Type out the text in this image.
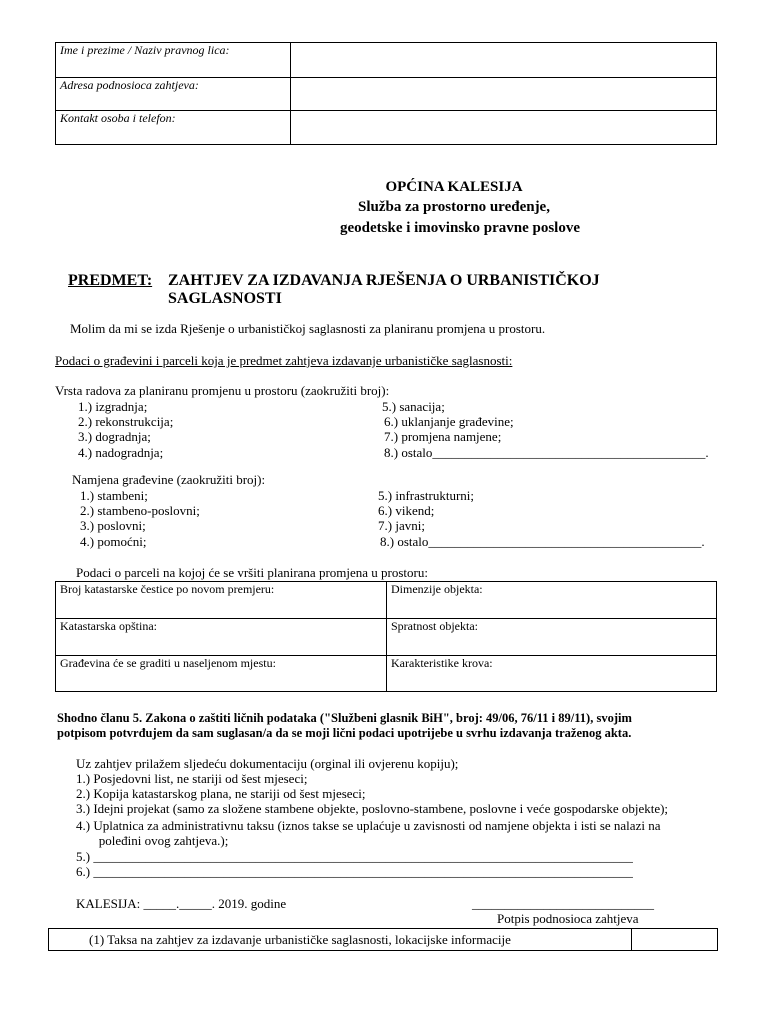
Ime i prezime / Naziv pravnog lica:	
Adresa podnosioca zahtjeva:	
Kontakt osoba i telefon:	
OPĆINA KALESIJA
Služba za prostorno uređenje,
geodetske i imovinsko pravne poslove
PREDMET: ZAHTJEV ZA IZDAVANJA RJEŠENJA O URBANISTIČKOJ
SAGLASNOSTI
Molim da mi se izda Rješenje o urbanističkoj saglasnosti za planiranu promjena u prostoru.
Podaci o građevini i parceli koja je predmet zahtjeva izdavanje urbanističke saglasnosti:
Vrsta radova za planiranu promjenu u prostoru (zaokružiti broj):
1.) izgradnja;
2.) rekonstrukcija;
3.) dogradnja;
4.) nadogradnja;
5.) sanacija;
6.) uklanjanje građevine;
7.) promjena namjene;
8.) ostalo__________________________________________.
Namjena građevine (zaokružiti broj):
1.) stambeni;
2.) stambeno-poslovni;
3.) poslovni;
4.) pomoćni;
5.) infrastrukturni;
6.) vikend;
7.) javni;
8.) ostalo__________________________________________.
Podaci o parceli na kojoj će se vršiti planirana promjena u prostoru:
Broj katastarske čestice po novom premjeru:	Dimenzije objekta:
Katastarska opština:	Spratnost objekta:
Građevina će se graditi u naseljenom mjestu:	Karakteristike krova:
Shodno članu 5. Zakona o zaštiti ličnih podataka ("Službeni glasnik BiH", broj: 49/06, 76/11 i 89/11), svojim
potpisom potvrđujem da sam suglasan/a da se moji lični podaci upotrijebe u svrhu izdavanja traženog akta.
Uz zahtjev prilažem sljedeću dokumentaciju (orginal ili ovjerenu kopiju);
1.) Posjedovni list, ne stariji od šest mjeseci;
2.) Kopija katastarskog plana, ne stariji od šest mjeseci;
3.) Idejni projekat (samo za složene stambene objekte, poslovno-stambene, poslovne i veće gospodarske objekte);
4.) Uplatnica za administrativnu taksu (iznos takse se uplaćuje u zavisnosti od namjene objekta i isti se nalazi na
poleđini ovog zahtjeva.);
5.) ___________________________________________________________________________________
6.) ___________________________________________________________________________________
KALESIJA: _____._____. 2019. godine	____________________________
Potpis podnosioca zahtjeva
(1) Taksa na zahtjev za izdavanje urbanističke saglasnosti, lokacijske informacije	
